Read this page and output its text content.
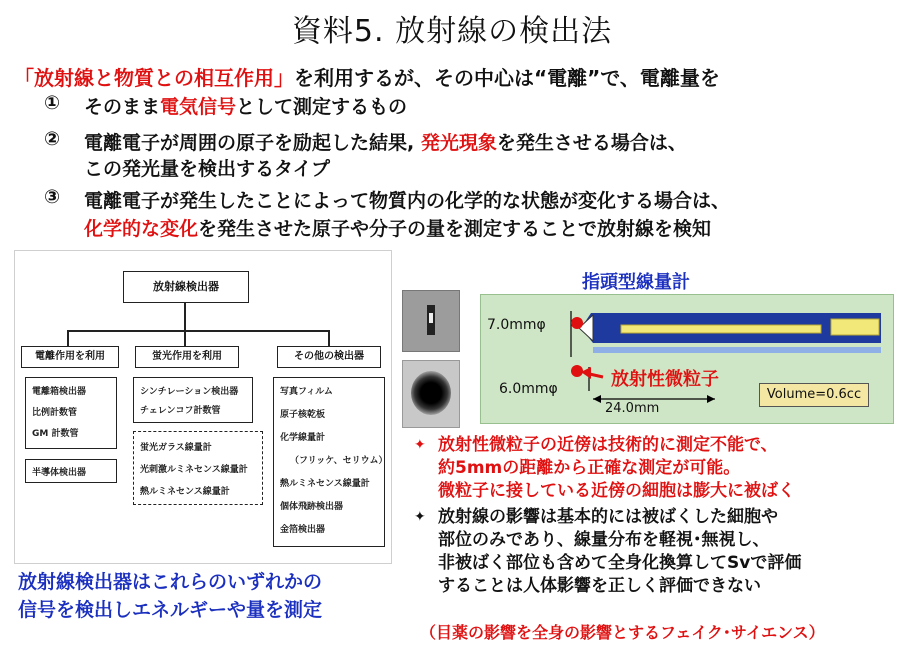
資料5. 放射線の検出法
「放射線と物質との相互作用」を利用するが、その中心は“電離”で、電離量を
① そのまま電気信号として測定するもの
② 電離電子が周囲の原子を励起した結果, 発光現象を発生させる場合は、
この発光量を検出するタイプ
③ 電離電子が発生したことによって物質内の化学的な状態が変化する場合は、
化学的な変化を発生させた原子や分子の量を測定することで放射線を検知
放射線検出器
電離作用を利用	蛍光作用を利用	その他の検出器
電離箱検出器
比例計数管
GM 計数管
半導体検出器
シンチレーション検出器
チェレンコフ計数管
蛍光ガラス線量計
光刺激ルミネセンス線量計
熱ルミネセンス線量計
写真フィルム
原子核乾板
化学線量計
（フリッケ、セリウム）
熱ルミネセンス線量計
個体飛跡検出器
金箔検出器
放射線検出器はこれらのいずれかの
信号を検出しエネルギーや量を測定
指頭型線量計
7.0mmφ
6.0mmφ
24.0mm
放射性微粒子
Volume=0.6cc
✦ 放射性微粒子の近傍は技術的に測定不能で、
約5mmの距離から正確な測定が可能。
微粒子に接している近傍の細胞は膨大に被ばく
✦ 放射線の影響は基本的には被ばくした細胞や
部位のみであり、線量分布を軽視･無視し、
非被ばく部位も含めて全身化換算してSvで評価
することは人体影響を正しく評価できない
（目薬の影響を全身の影響とするフェイク･サイエンス）
